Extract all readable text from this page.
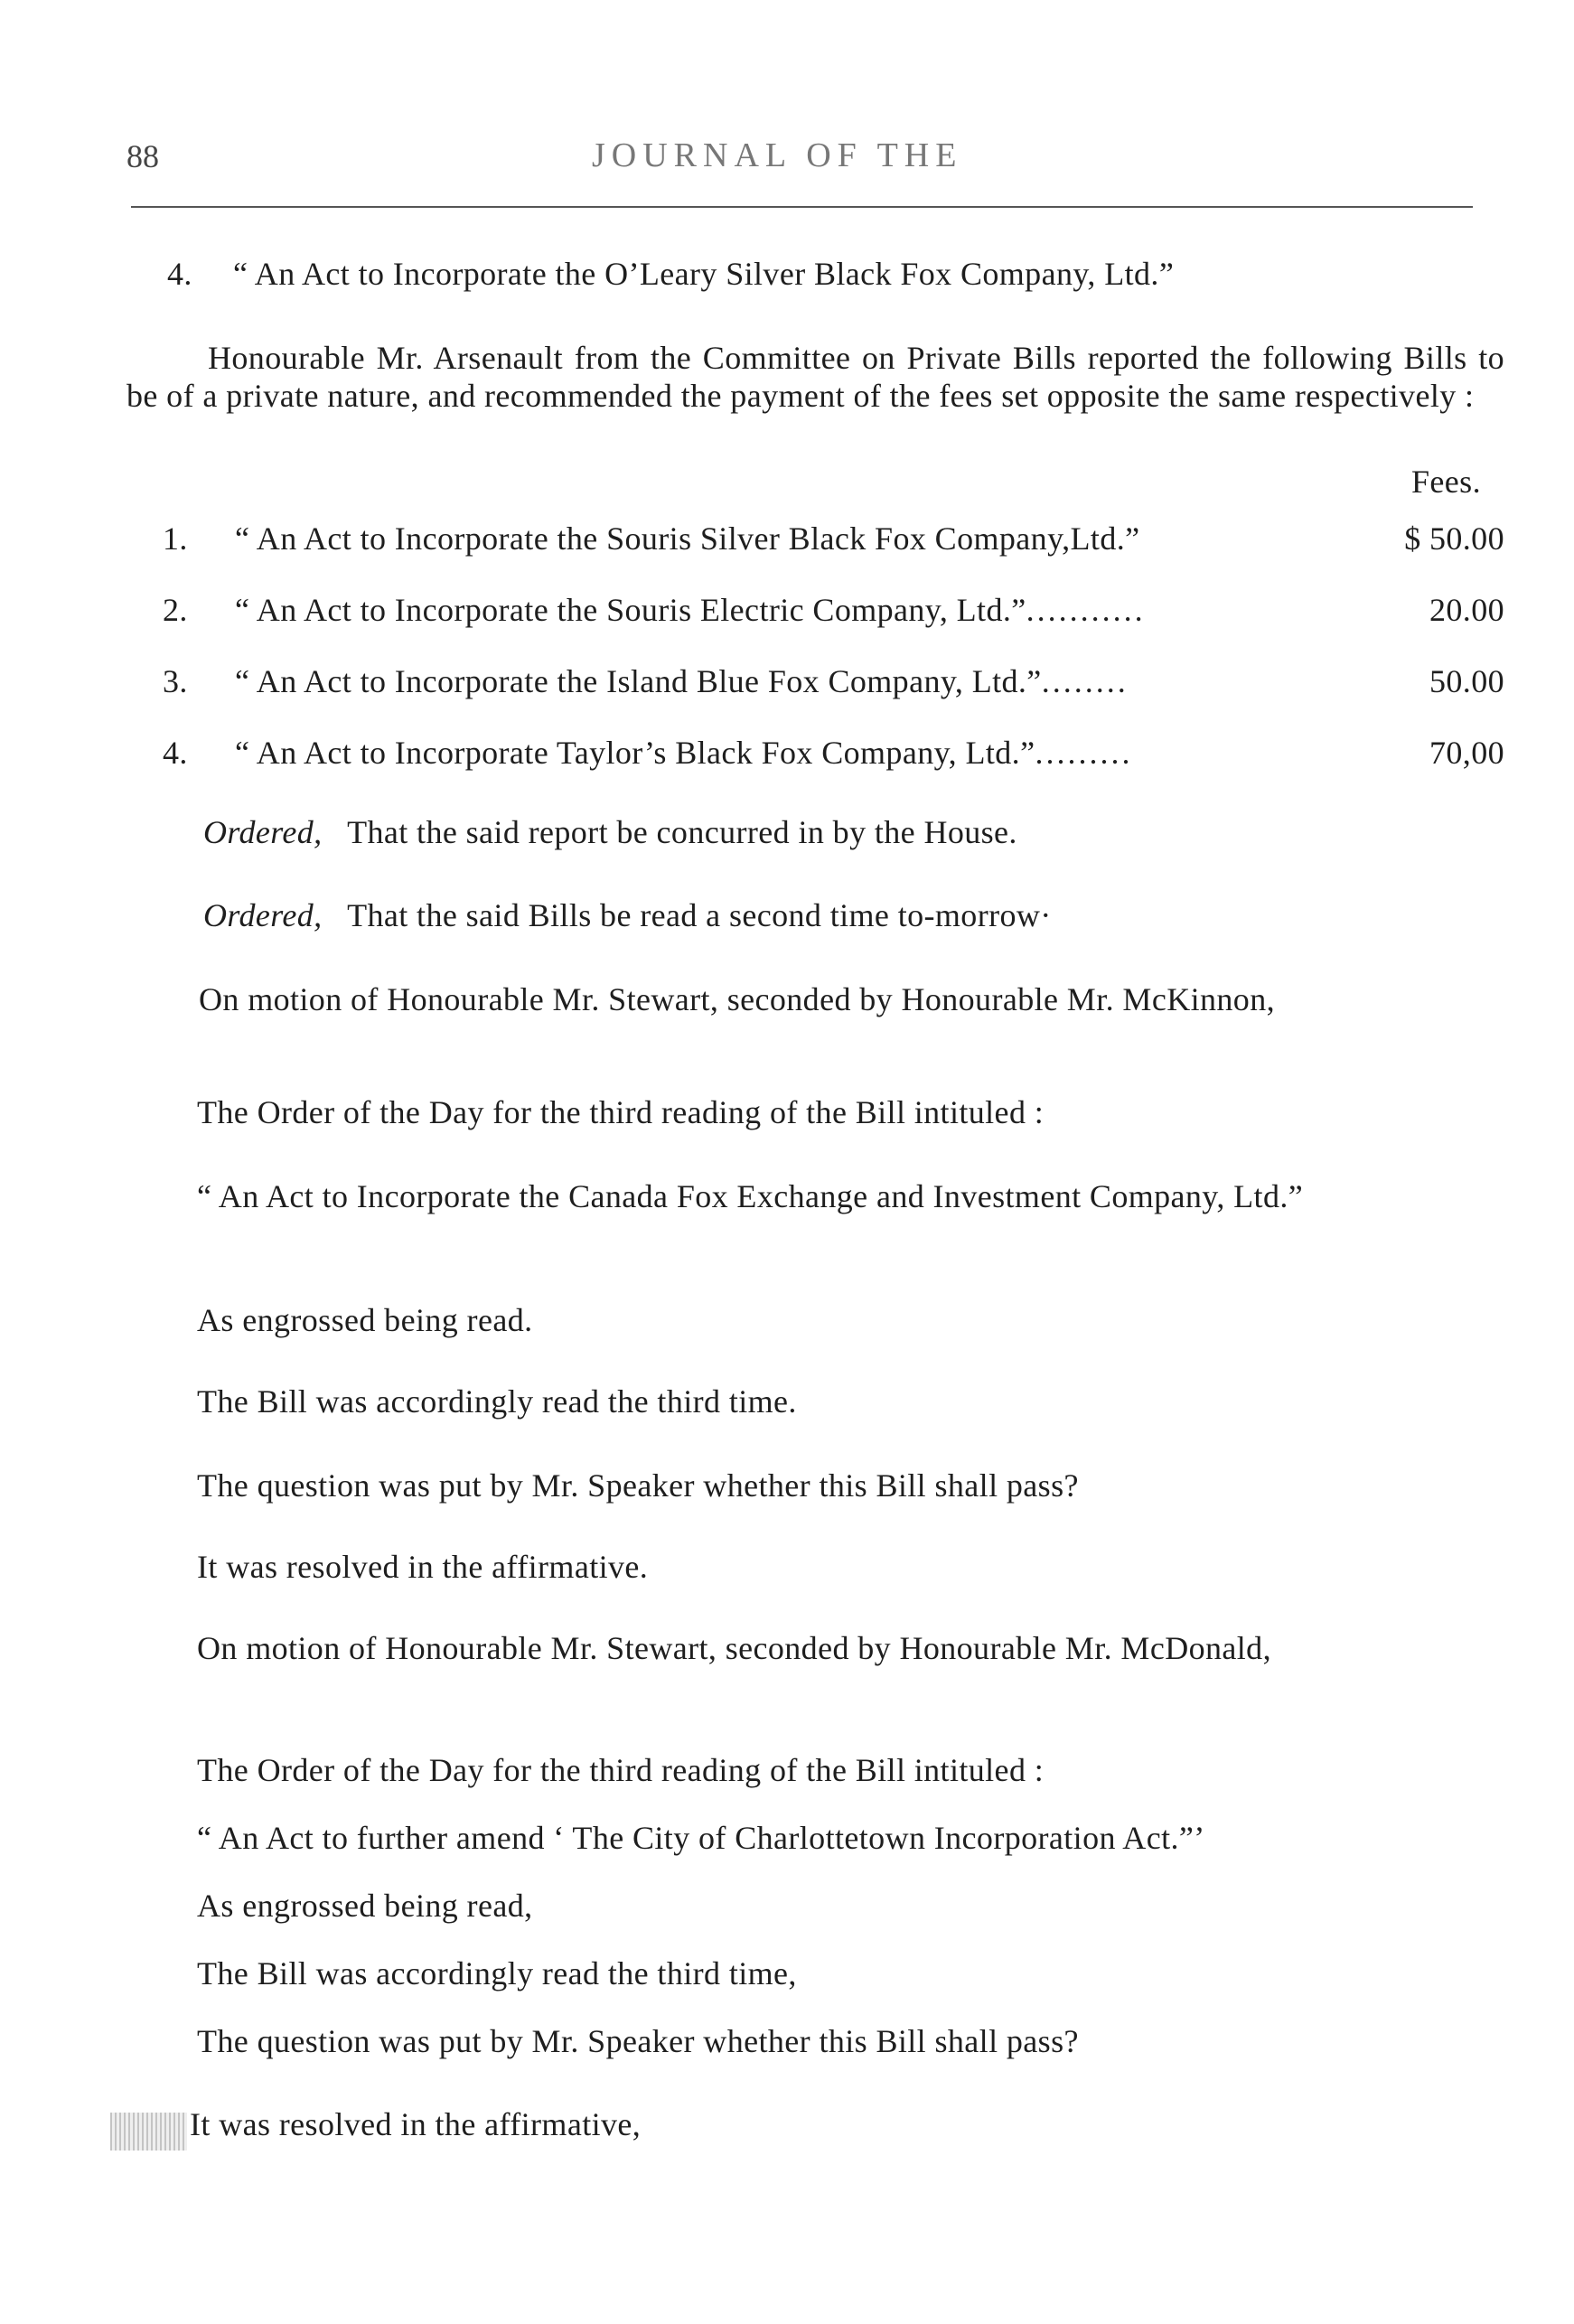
88	JOURNAL OF THE
4. “ An Act to Incorporate the O’Leary Silver Black Fox Company, Ltd.”
Honourable Mr. Arsenault from the Committee on Private Bills reported the following Bills to be of a private nature, and recommended the payment of the fees set opposite the same respectively :
Fees.
1.	“ An Act to Incorporate the Souris Silver Black Fox Company,Ltd.”	$ 50.00
2.	“ An Act to Incorporate the Souris Electric Company, Ltd.” ...........	20.00
3.	“ An Act to Incorporate the Island Blue Fox Company, Ltd.” ........	50.00
4.	“ An Act to Incorporate Taylor’s Black Fox Company, Ltd.” .........	70,00
Ordered, That the said report be concurred in by the House.
Ordered, That the said Bills be read a second time to-morrow·
On motion of Honourable Mr. Stewart, seconded by Honourable Mr. McKinnon,
The Order of the Day for the third reading of the Bill intituled :
“ An Act to Incorporate the Canada Fox Exchange and Investment Company, Ltd.”
As engrossed being read.
The Bill was accordingly read the third time.
The question was put by Mr. Speaker whether this Bill shall pass?
It was resolved in the affirmative.
On motion of Honourable Mr. Stewart, seconded by Honourable Mr. McDonald,
The Order of the Day for the third reading of the Bill intituled :
“ An Act to further amend ‘ The City of Charlottetown Incorporation Act.”’
As engrossed being read,
The Bill was accordingly read the third time,
The question was put by Mr. Speaker whether this Bill shall pass?
It was resolved in the affirmative,
